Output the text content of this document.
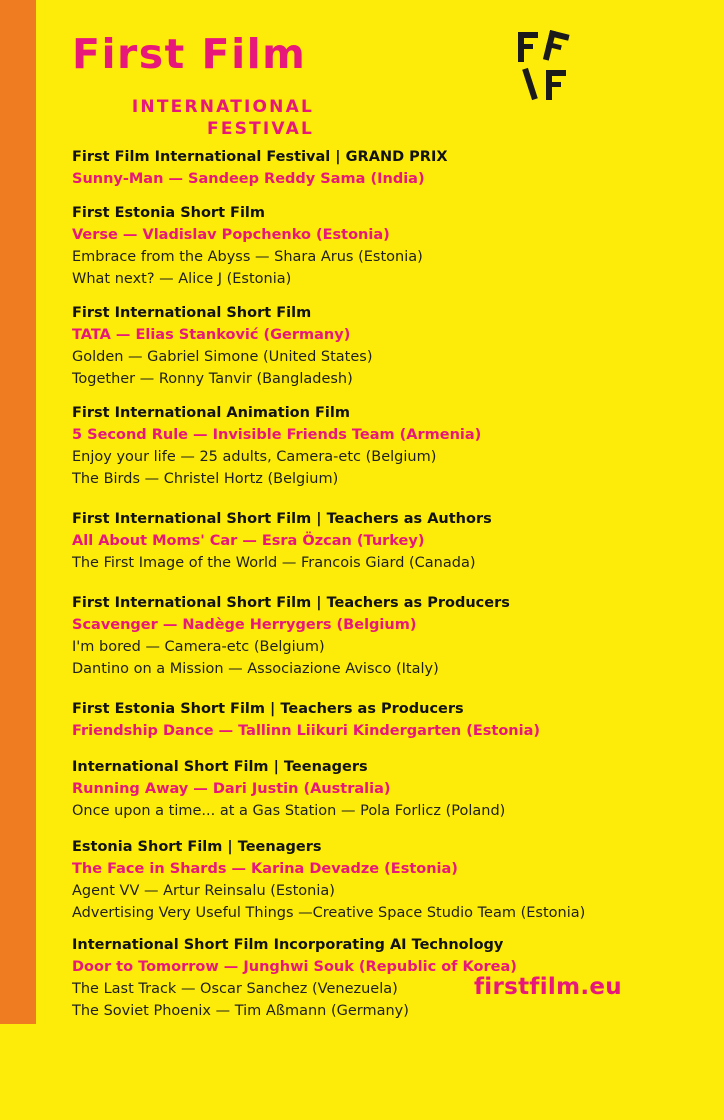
First Film
INTERNATIONAL
FESTIVAL
First Film International Festival | GRAND PRIX
Sunny-Man — Sandeep Reddy Sama (India)
First Estonia Short Film
Verse — Vladislav Popchenko (Estonia)
Embrace from the Abyss — Shara Arus (Estonia)
What next? — Alice J (Estonia)
First International Short Film
TATA — Elias Stanković (Germany)
Golden — Gabriel Simone (United States)
Together — Ronny Tanvir (Bangladesh)
First International Animation Film
5 Second Rule — Invisible Friends Team (Armenia)
Enjoy your life — 25 adults, Camera-etc (Belgium)
The Birds — Christel Hortz (Belgium)
First International Short Film | Teachers as Authors
All About Moms' Car — Esra Özcan (Turkey)
The First Image of the World — Francois Giard (Canada)
First International Short Film | Teachers as Producers
Scavenger — Nadège Herrygers (Belgium)
I'm bored — Camera-etc (Belgium)
Dantino on a Mission — Associazione Avisco (Italy)
First Estonia Short Film | Teachers as Producers
Friendship Dance — Tallinn Liikuri Kindergarten (Estonia)
International Short Film | Teenagers
Running Away — Dari Justin (Australia)
Once upon a time... at a Gas Station — Pola Forlicz (Poland)
Estonia Short Film | Teenagers
The Face in Shards — Karina Devadze (Estonia)
Agent VV — Artur Reinsalu (Estonia)
Advertising Very Useful Things —Creative Space Studio Team (Estonia)
International Short Film Incorporating AI Technology
Door to Tomorrow — Junghwi Souk (Republic of Korea)
The Last Track — Oscar Sanchez (Venezuela)
The Soviet Phoenix — Tim Aßmann (Germany)
firstfilm.eu
